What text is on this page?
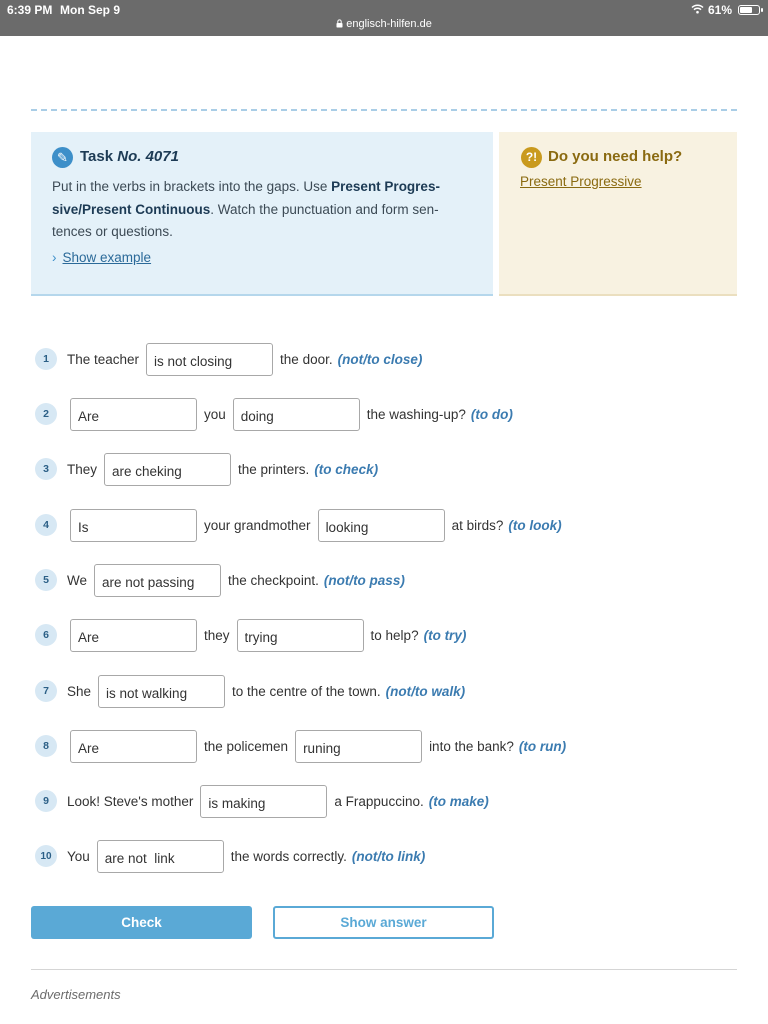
6:39 PM Mon Sep 9
englisch-hilfen.de
61%
✎ Task No. 4071
Put in the verbs in brackets into the gaps. Use Present Progres- sive/Present Continuous. Watch the punctuation and form sen- tences or questions.
› Show example
?! Do you need help?
Present Progressive
1	The teacher
is not closing	the door. (not/to close)
2
Are	you
doing	the washing-up? (to do)
3	They
are cheking	the printers. (to check)
4
Is	your grandmother
looking	at birds? (to look)
5	We
are not passing	the checkpoint. (not/to pass)
6
Are	they
trying	to help? (to try)
7	She
is not walking	to the centre of the town. (not/to walk)
8
Are	the policemen
runing	into the bank? (to run)
9	Look! Steve's mother
is making	a Frappuccino. (to make)
10	You
are not link	the words correctly. (not/to link)
Check	Show answer
Advertisements
